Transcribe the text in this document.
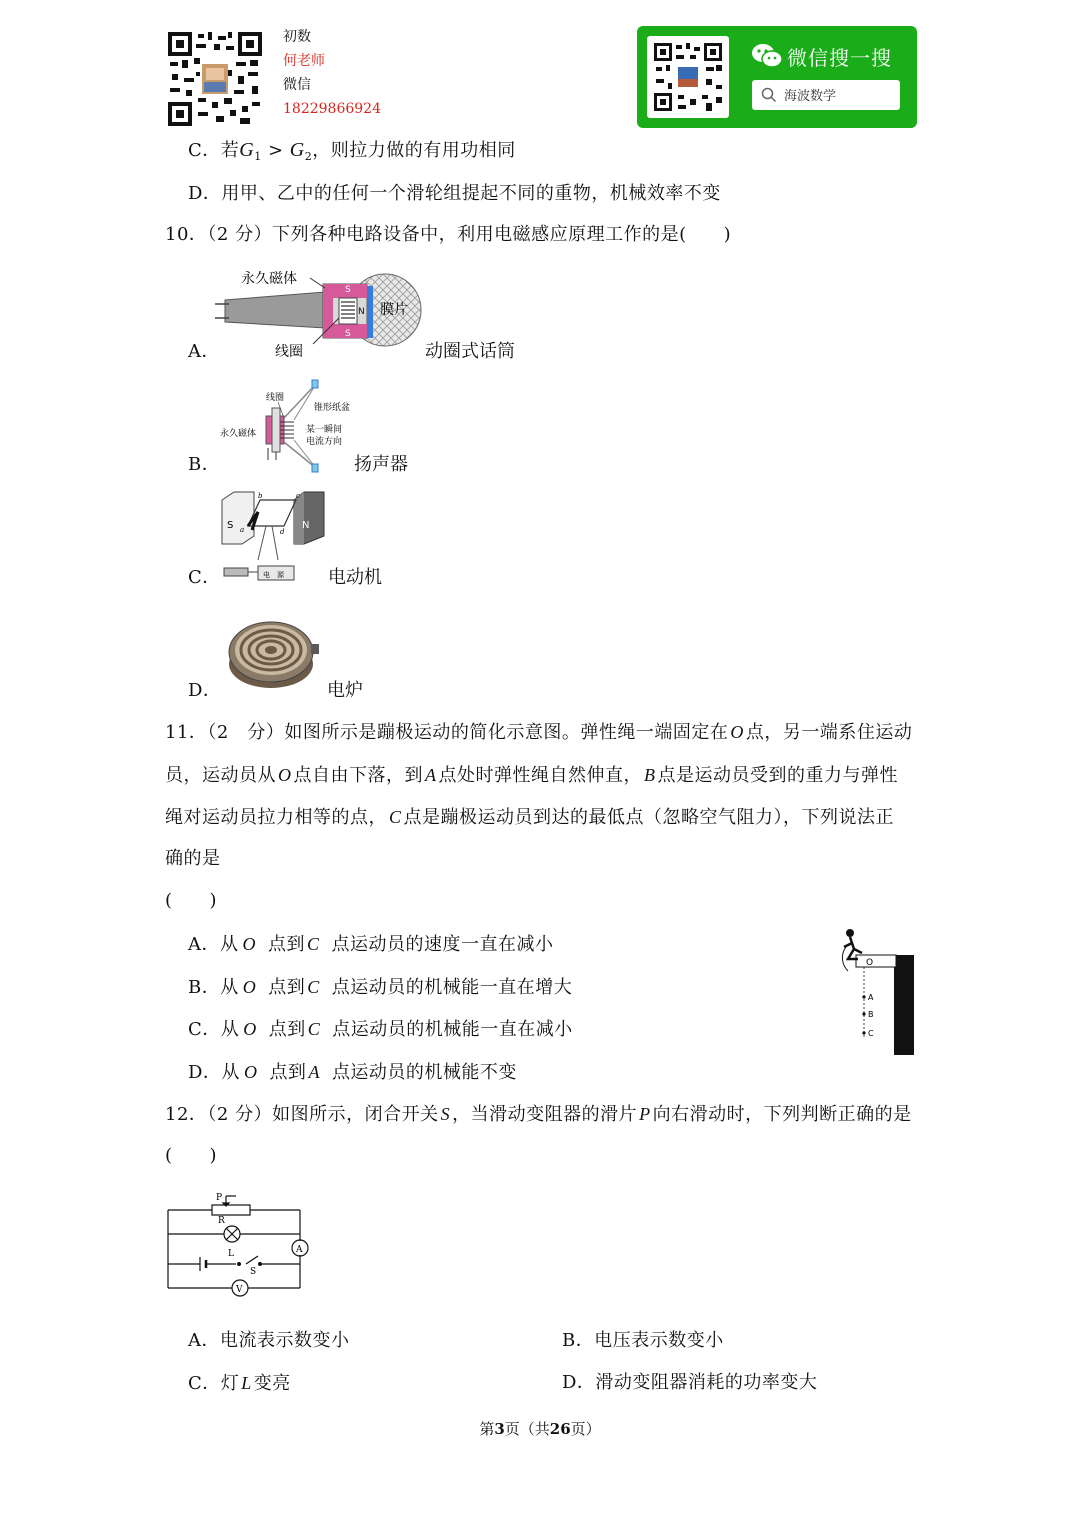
初数
何老师
微信
18229866924
微信搜一搜
海波数学
C．若$G_1 > G_2$，则拉力做的有用功相同
D．用甲、乙中的任何一个滑轮组提起不同的重物，机械效率不变
10．（2 分）下列各种电路设备中，利用电磁感应原理工作的是(　　)
A．
S
N
S
永久磁体
膜片
线圈	动圈式话筒
B．
线圈
锥形纸盆
永久磁体	某一瞬间
电流方向
扬声器
C．
S	N
b	c
a	d
电　源 电动机
D．	电炉
11．（2　分）如图所示是蹦极运动的简化示意图。弹性绳一端固定在 O 点，另一端系住运动
员，运动员从 O 点自由下落，到 A 点处时弹性绳自然伸直， B 点是运动员受到的重力与弹性
绳对运动员拉力相等的点， C 点是蹦极运动员到达的最低点（忽略空气阻力），下列说法正
确的是
(　　)
A．从 O 点到 C 点运动员的速度一直在减小
B．从 O 点到 C 点运动员的机械能一直在增大
C．从 O 点到 C 点运动员的机械能一直在减小
D．从 O 点到 A 点运动员的机械能不变
O
A
B
C
12．（2 分）如图所示，闭合开关 S ，当滑动变阻器的滑片 P 向右滑动时，下列判断正确的是
(　　)
P
R
L
S
A
V
A．电流表示数变小	B．电压表示数变小
C．灯 L 变亮	D．滑动变阻器消耗的功率变大
第3页（共26页）
